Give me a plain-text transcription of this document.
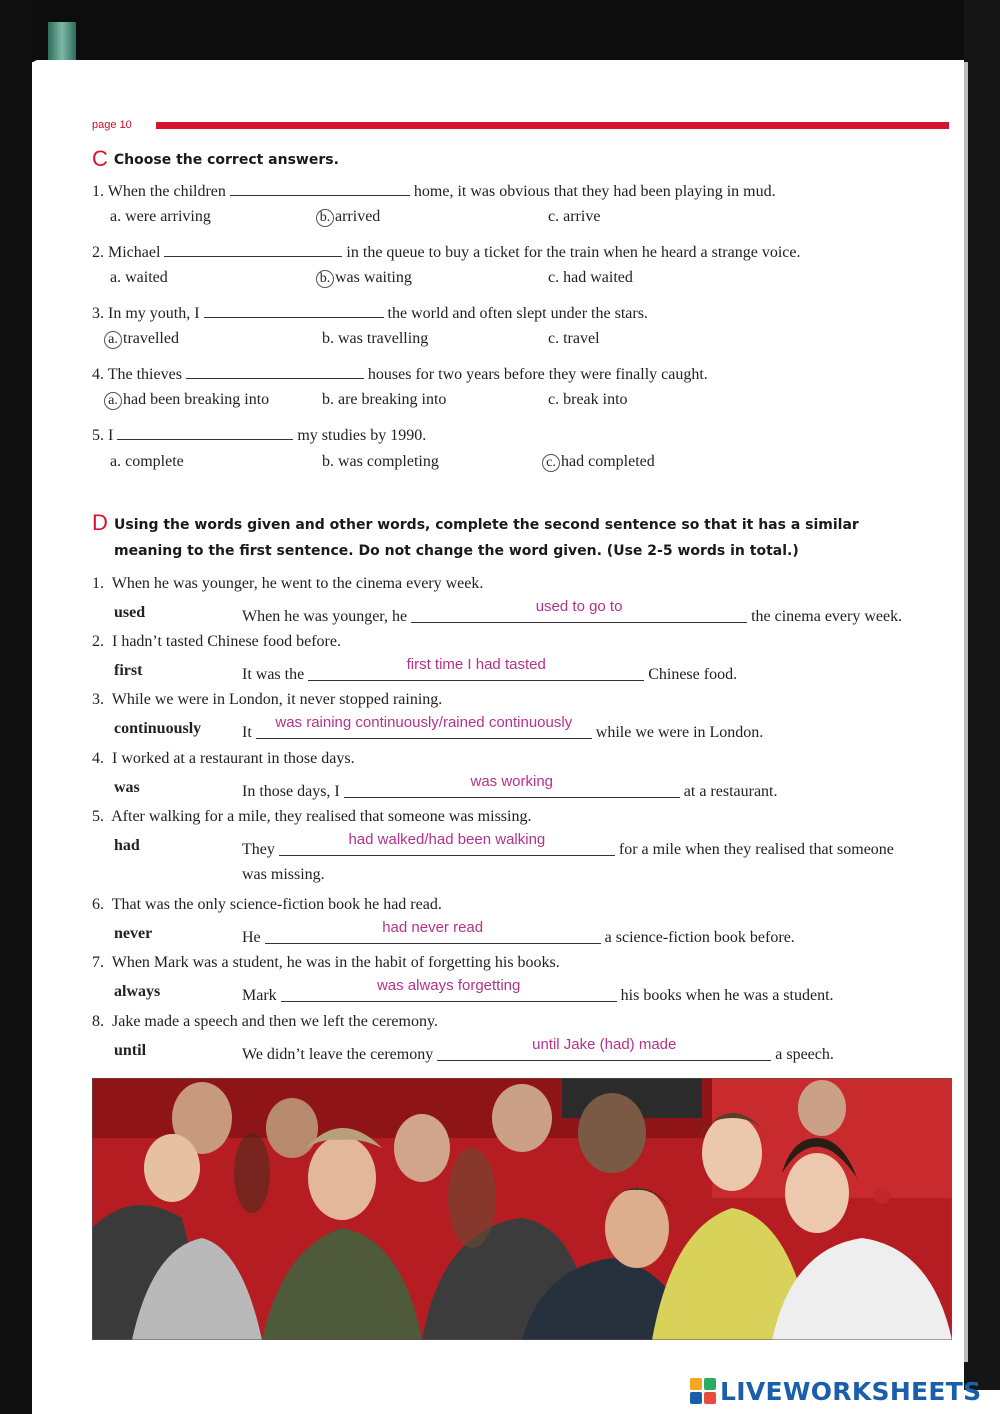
page 10
C Choose the correct answers.
1. When the children	home, it was obvious that they had been playing in mud.
a. were arriving	b. arrived	c. arrive
2. Michael	in the queue to buy a ticket for the train when he heard a strange voice.
a. waited	b. was waiting	c. had waited
3. In my youth, I	the world and often slept under the stars.
a. travelled	b. was travelling	c. travel
4. The thieves	houses for two years before they were finally caught.
a. had been breaking into	b. are breaking into	c. break into
5. I	my studies by 1990.
a. complete	b. was completing	c. had completed
D Using the words given and other words, complete the second sentence so that it has a similar meaning to the first sentence. Do not change the word given. (Use 2-5 words in total.)
1. When he was younger, he went to the cinema every week.
used	When he was younger, he
used to go to
the cinema every week.
2. I hadn’t tasted Chinese food before.
first	It was the
first time I had tasted
Chinese food.
3. While we were in London, it never stopped raining.
continuously	It
was raining continuously/rained continuously
while we were in London.
4. I worked at a restaurant in those days.
was	In those days, I
was working
at a restaurant.
5. After walking for a mile, they realised that someone was missing.
had	They
had walked/had been walking
for a mile when they realised that someone
was missing.
6. That was the only science-fiction book he had read.
never	He
had never read
a science-fiction book before.
7. When Mark was a student, he was in the habit of forgetting his books.
always	Mark
was always forgetting
his books when he was a student.
8. Jake made a speech and then we left the ceremony.
until	We didn’t leave the ceremony
until Jake (had) made
a speech.
LIVEWORKSHEETS
